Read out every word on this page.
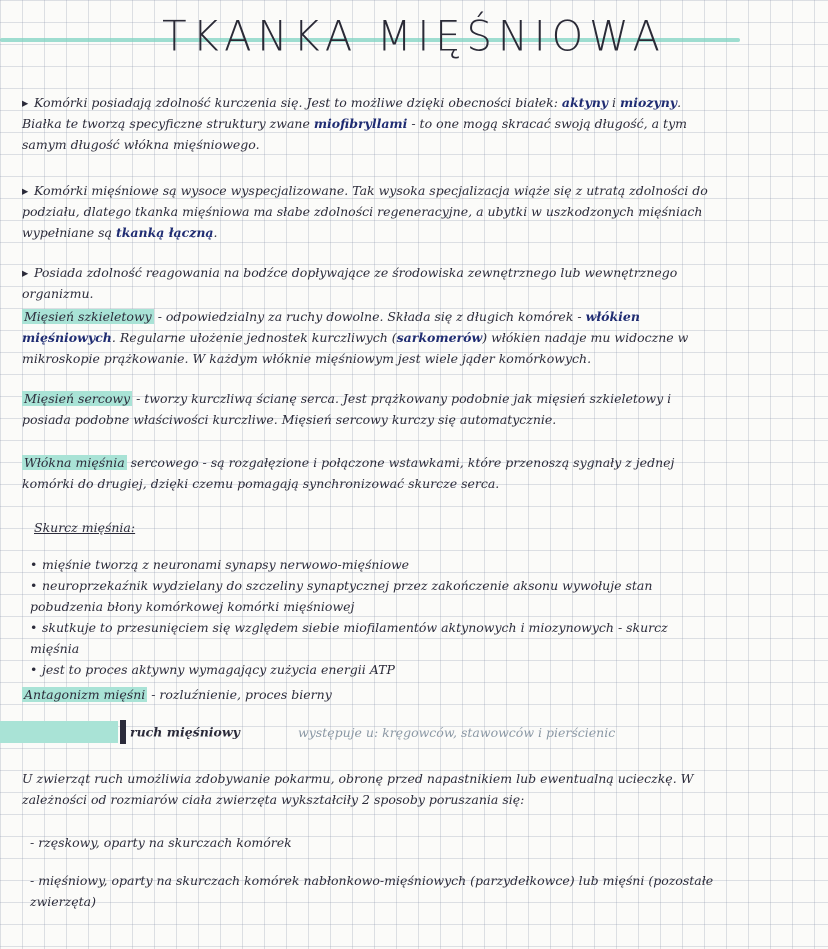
TKANKA MIĘŚNIOWA
▸ Komórki posiadają zdolność kurczenia się. Jest to możliwe dzięki obecności białek: aktyny i miozyny. Białka te tworzą specyficzne struktury zwane miofibryllami - to one mogą skracać swoją długość, a tym samym długość włókna mięśniowego.
▸ Komórki mięśniowe są wysoce wyspecjalizowane. Tak wysoka specjalizacja wiąże się z utratą zdolności do podziału, dlatego tkanka mięśniowa ma słabe zdolności regeneracyjne, a ubytki w uszkodzonych mięśniach wypełniane są tkanką łączną.
▸ Posiada zdolność reagowania na bodźce dopływające ze środowiska zewnętrznego lub wewnętrznego organizmu.
Mięsień szkieletowy - odpowiedzialny za ruchy dowolne. Składa się z długich komórek - włókien mięśniowych. Regularne ułożenie jednostek kurczliwych (sarkomerów) włókien nadaje mu widoczne w mikroskopie prążkowanie. W każdym włóknie mięśniowym jest wiele jąder komórkowych.
Mięsień sercowy - tworzy kurczliwą ścianę serca. Jest prążkowany podobnie jak mięsień szkieletowy i posiada podobne właściwości kurczliwe. Mięsień sercowy kurczy się automatycznie.
Włókna mięśnia sercowego - są rozgałęzione i połączone wstawkami, które przenoszą sygnały z jednej komórki do drugiej, dzięki czemu pomagają synchronizować skurcze serca.
Skurcz mięśnia:
• mięśnie tworzą z neuronami synapsy nerwowo-mięśniowe
• neuroprzekaźnik wydzielany do szczeliny synaptycznej przez zakończenie aksonu wywołuje stan pobudzenia błony komórkowej komórki mięśniowej
• skutkuje to przesunięciem się względem siebie miofilamentów aktynowych i miozynowych - skurcz mięśnia
• jest to proces aktywny wymagający zużycia energii ATP
Antagonizm mięśni - rozluźnienie, proces bierny
ruch mięśniowy	występuje u: kręgowców, stawowców i pierścienic
U zwierząt ruch umożliwia zdobywanie pokarmu, obronę przed napastnikiem lub ewentualną ucieczkę. W zależności od rozmiarów ciała zwierzęta wykształciły 2 sposoby poruszania się:
- rzęskowy, oparty na skurczach komórek
- mięśniowy, oparty na skurczach komórek nabłonkowo-mięśniowych (parzydełkowce) lub mięśni (pozostałe zwierzęta)
